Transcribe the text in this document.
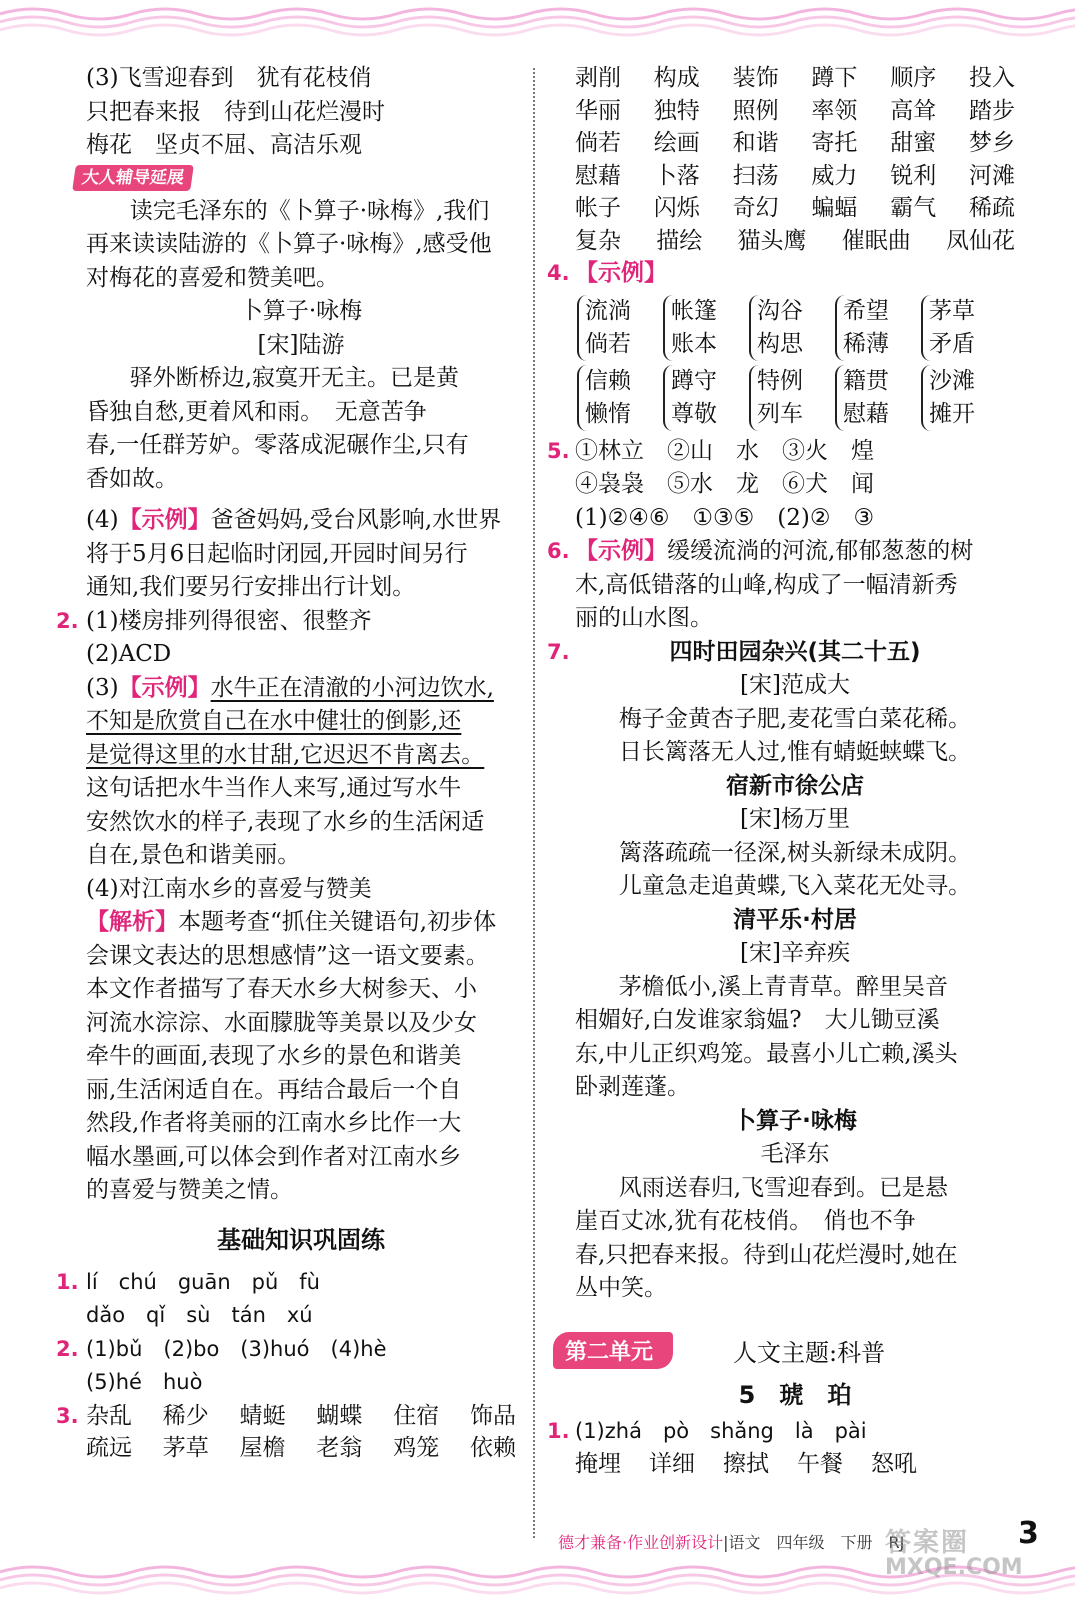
(3)飞雪迎春到　犹有花枝俏
只把春来报　待到山花烂漫时
梅花　坚贞不屈、高洁乐观
大人辅导延展
读完毛泽东的《卜算子·咏梅》,我们
再来读读陆游的《卜算子·咏梅》,感受他
对梅花的喜爱和赞美吧。
卜算子·咏梅
[宋]陆游
驿外断桥边,寂寞开无主。已是黄
昏独自愁,更着风和雨。　无意苦争
春,一任群芳妒。零落成泥碾作尘,只有
香如故。
(4)【示例】爸爸妈妈,受台风影响,水世界
将于5月6日起临时闭园,开园时间另行
通知,我们要另行安排出行计划。
2. (1)楼房排列得很密、很整齐
(2)ACD
(3)【示例】水牛正在清澈的小河边饮水,
不知是欣赏自己在水中健壮的倒影,还
是觉得这里的水甘甜,它迟迟不肯离去。
这句话把水牛当作人来写,通过写水牛
安然饮水的样子,表现了水乡的生活闲适
自在,景色和谐美丽。
(4)对江南水乡的喜爱与赞美
【解析】本题考查“抓住关键语句,初步体
会课文表达的思想感情”这一语文要素。
本文作者描写了春天水乡大树参天、小
河流水淙淙、水面朦胧等美景以及少女
牵牛的画面,表现了水乡的景色和谐美
丽,生活闲适自在。再结合最后一个自
然段,作者将美丽的江南水乡比作一大
幅水墨画,可以体会到作者对江南水乡
的喜爱与赞美之情。
基础知识巩固练
1. lí　chú　guān　pǔ　fù
dǎo　qǐ　sù　tán　xú
2. (1)bǔ　(2)bo　(3)huó　(4)hè
(5)hé　huò
3. 杂乱 稀少 蜻蜓 蝴蝶 住宿 饰品
疏远 茅草 屋檐 老翁 鸡笼 依赖
剥削 构成 装饰 蹲下 顺序 投入
华丽 独特 照例 率领 高耸 踏步
倘若 绘画 和谐 寄托 甜蜜 梦乡
慰藉 卜落 扫荡 威力 锐利 河滩
帐子 闪烁 奇幻 蝙蝠 霸气 稀疏
复杂 描绘 猫头鹰 催眠曲 凤仙花
4. 【示例】
流淌
倘若
帐篷
账本
沟谷
构思
希望
稀薄
茅草
矛盾
信赖
懒惰
蹲守
尊敬
特例
列车
籍贯
慰藉
沙滩
摊开
5. ①林立　②山　水　③火　煌
④袅袅　⑤水　龙　⑥犬　闻
(1)②④⑥　①③⑤　(2)②　③
6. 【示例】缓缓流淌的河流,郁郁葱葱的树
木,高低错落的山峰,构成了一幅清新秀
丽的山水图。
7.	四时田园杂兴(其二十五)
[宋]范成大
梅子金黄杏子肥,麦花雪白菜花稀。
日长篱落无人过,惟有蜻蜓蛱蝶飞。
宿新市徐公店
[宋]杨万里
篱落疏疏一径深,树头新绿未成阴。
儿童急走追黄蝶,飞入菜花无处寻。
清平乐·村居
[宋]辛弃疾
茅檐低小,溪上青青草。醉里吴音
相媚好,白发谁家翁媪?　大儿锄豆溪
东,中儿正织鸡笼。最喜小儿亡赖,溪头
卧剥莲蓬。
卜算子·咏梅
毛泽东
风雨送春归,飞雪迎春到。已是悬
崖百丈冰,犹有花枝俏。　俏也不争
春,只把春来报。待到山花烂漫时,她在
丛中笑。
第二单元	人文主题:科普
5　琥　珀
1. (1)zhá　pò　shǎng　là　pài
掩埋 详细 擦拭 午餐 怒吼
德才兼备·作业创新设计|语文　四年级　下册　RJ
答案圈
MXQE.COM
3
